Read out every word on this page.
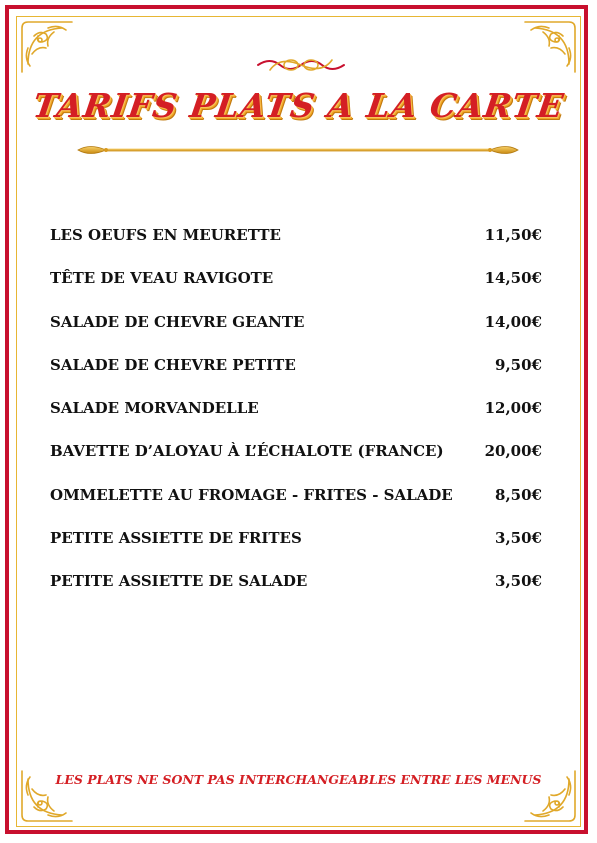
TARIFS PLATS A LA CARTE
LES OEUFS EN MEURETTE	11,50€
TÊTE DE VEAU RAVIGOTE	14,50€
SALADE DE CHEVRE GEANTE	14,00€
SALADE DE CHEVRE PETITE	9,50€
SALADE MORVANDELLE	12,00€
BAVETTE D’ALOYAU À L’ÉCHALOTE (FRANCE)	20,00€
OMMELETTE AU FROMAGE - FRITES - SALADE	8,50€
PETITE ASSIETTE DE FRITES	3,50€
PETITE ASSIETTE DE SALADE	3,50€
LES PLATS NE SONT PAS INTERCHANGEABLES ENTRE LES MENUS
